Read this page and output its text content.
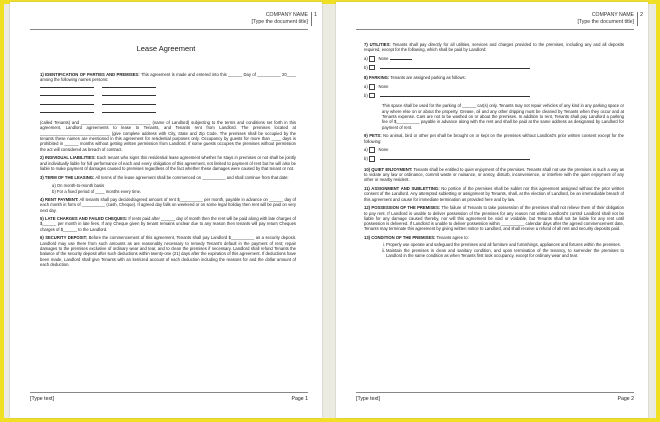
COMPANY NAME
[Type the document title]
1
Lease Agreement

1) IDENTIFICATION OF PARTIES AND PREMISES: This agreement is made and entered into this ______ Day of __________ 20____ among the following names persons:

(called Tenants) and ______________________________ (name of Landlord) subjecting to the terms and conditions set forth in this agreement, Landlord agreements to lease to Tenants, and Tenants rent from Landlord. The premises located at ______________________________ (give complete address with City, State and Zip Code. The premises shall be occupied by the tenants these names are mentioned in this agreement for residential purposes only. Occupancy by guests for more than ____ days is prohibited in ______ months without getting written permission from Landlord. If some guests occupies the premises without permission the act will considered as breach of contract.

2) INDIVIDUAL LIABILITIES: Each tenant who signs this residential lease agreement whether he stays in premises or not shall be jointly and individually liable for full performance of each and every obligation of this agreement, not limited to payment of rent but he will also be liable to make payment of damages caused to premises regardless of the fact whether these damages were caused by that tenant or not.

3) TERM OF THE LEASING: All terms of the lease agreement shall be commenced on __________ and shall continue from that date:

a) On month-to-month basis
b) For a fixed period of ____ months every time.

4) RENT PAYMENT: All tenants shall pay decided/agreed amount of rent $__________ per month, payable in advance on ______ day of each month in form of __________ (cash, Cheque). If agreed day falls on weekend or on some legal holiday then rent will be paid on very next day.

5) LATE CHARGES AND FAILED CHEQUES: If rents paid after ______ day of month then the rent will be paid along with late charges of $______ per month in late fees. If any Cheque given by tenant remains unclear due to any reason then tenants will pay return Cheques charges of $______ to the Landlord.

6) SECURITY DEPOSIT: Before the commencement of this agreement, Tenants shall pay Landlord $__________ as a security deposit. Landlord may use there from such amounts as are reasonably necessary to remedy Tenant's default in the payment of rent; repair damages to the premises exclusive of ordinary wear and tear, and to clean the premises if necessary. Landlord shall refund Tenants the balance of the security deposit after such deductions within twenty-one (21) days after the expiration of this agreement. If deductions have been made, Landlord shall give Tenants with an itemized account of each deduction including the reasons for and the dollar amount of each deduction.

[Type text]	Page 1
COMPANY NAME
[Type the document title]
2

7) UTILITIES: Tenants shall pay directly for all utilities, services and charges provided to the premises, including any and all deposits required, except for the following, which shall be paid by Landlord:

a)	None
b)

8) PARKING: Tenants are assigned parking as follows:

a)	None
b)

This space shall be used for the parking of ______ car(s) only. Tenants may not repair vehicles of any kind in any parking space or any where else on or about the property. Grease, oil and any other dripping must be cleaned by Tenants when they occur and at Tenants expense. Cars are not to be washed on or about the premises. In addition to rent, Tenants shall pay Landlord a parking fee of $__________ payable in advance along with the rent and shall be paid at the same address as designated by Landlord for payment of rent.

9) PETS: No animal, bird or other pet shall be brought on or kept on the premises without Landlord's prior written consent except for the following:

a)	None
b)

10) QUIET ENJOYMENT: Tenants shall be entitled to quiet enjoyment of the premises. Tenants shall not use the premises in such a way as to violate any law or ordinance, commit waste or nuisance, or annoy, disturb, inconvenience, or interfere with the quiet enjoyment of any other or nearby resident.

11) ASSIGNMENT AND SUBLETTING: No portion of the premises shall be sublet nor this agreement assigned without the prior written consent of the Landlord. Any attempted subletting or assignment by Tenants, shall, at the election of Landlord, be an irremediable breach of this agreement and cause for immediate termination as provided here and by law.

12) POSSESSION OF THE PREMISES: The failure of Tenants to take possession of the premises shall not relieve them of their obligation to pay rent. If Landlord is unable to deliver possession of the premises for any reason not within Landlord's control Landlord shall not be liable for any damage caused thereby, nor will this agreement be void or voidable, but Tenants shall not be liable for any rent until possession is delivered. If Landlord is unable to deliver possession within __________ calendar days after the agreed commencement date, Tenants may terminate this agreement by giving written notice to Landlord, and shall receive a refund of all rent and security deposits paid.

13) CONDITION OF THE PREMISES: Tenants agree to:

i. Properly use operate and safeguard the premises and all furniture and furnishings, appliances and fixtures within the premises.
ii. Maintain the premises in clean and sanitary condition, and upon termination of the tenancy, to surrender the premises to Landlord in the same condition as when Tenants first took occupancy, except for ordinary wear and tear.
[Type text]	Page 2
